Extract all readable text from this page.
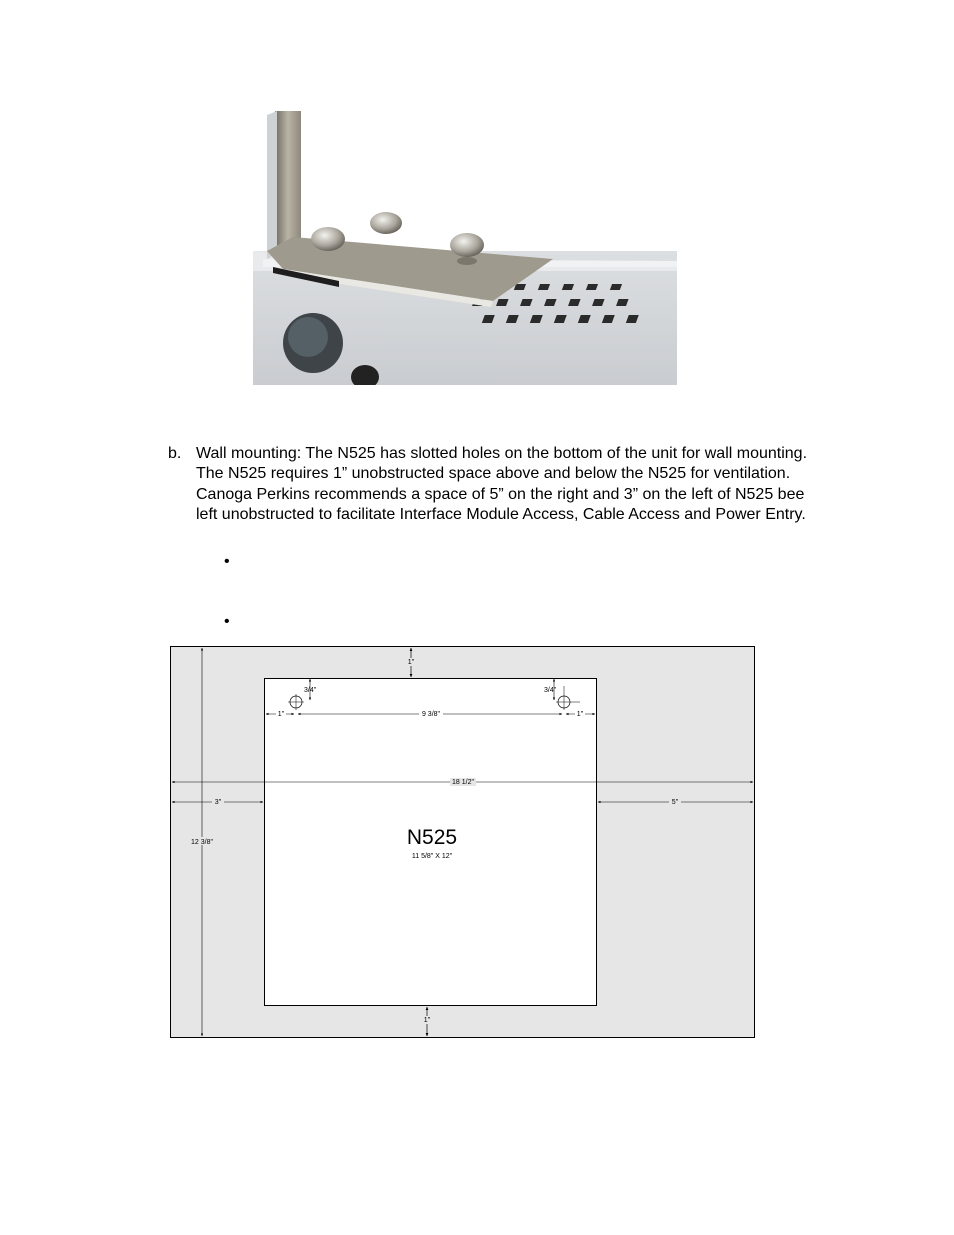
b. Wall mounting: The N525 has slotted holes on the bottom of the unit for wall mounting. The N525 requires 1” unobstructed space above and below the N525 for ventilation. Canoga Perkins recommends a space of 5” on the right and 3” on the left of N525 bee left unobstructed to facilitate Interface Module Access, Cable Access and Power Entry.
•
•
1"
1"
3/4"	3/4"
1"	9 3/8"	1"
18 1/2"
3"	5"
12 3/8"	N525
11 5/8" X 12"
